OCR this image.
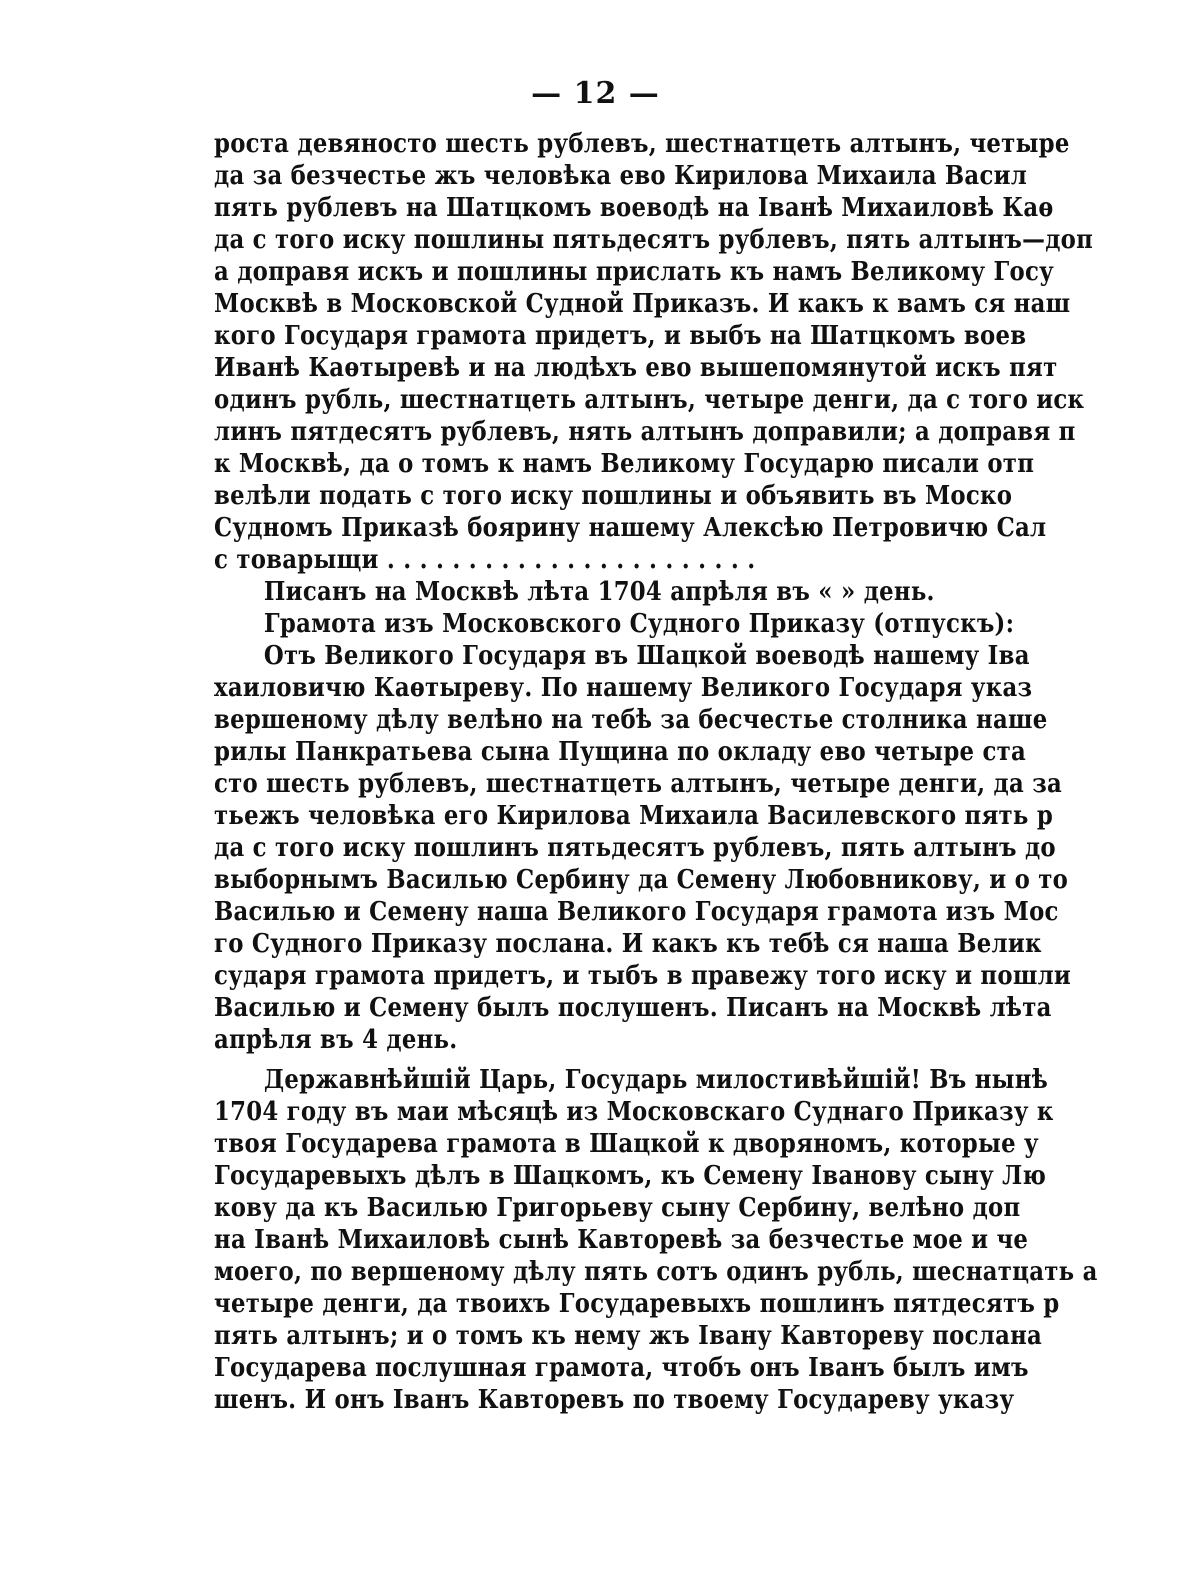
— 12 —
роста девяносто шесть рублевъ, шестнатцеть алтынъ, четыре
да за безчестье жъ человѣка ево Кирилова Михаила Васил
пять рублевъ на Шатцкомъ воеводѣ на Іванѣ Михаиловѣ Каѳ
да с того иску пошлины пятьдесятъ рублевъ, пять алтынъ—доп
а доправя искъ и пошлины прислать къ намъ Великому Госу
Москвѣ в Московской Судной Приказъ. И какъ к вамъ ся наш
кого Государя грамота придетъ, и выбъ на Шатцкомъ воев
Иванѣ Каѳтыревѣ и на людѣхъ ево вышепомянутой искъ пят
одинъ рубль, шестнатцеть алтынъ, четыре денги, да с того иск
линъ пятдесятъ рублевъ, нять алтынъ доправили; а доправя п
к Москвѣ, да о томъ к намъ Великому Государю писали отп
велѣли подать с того иску пошлины и объявить въ Моско
Судномъ Приказѣ боярину нашему Алексѣю Петровичю Сал
с товарыщи . . . . . . . . . . . . . . . . . . . . . . .
Писанъ на Москвѣ лѣта 1704 апрѣля въ « » день.
Грамота изъ Московского Судного Приказу (отпускъ):
Отъ Великого Государя въ Шацкой воеводѣ нашему Іва
хаиловичю Каѳтыреву. По нашему Великого Государя указ
вершеному дѣлу велѣно на тебѣ за бесчестье столника наше
рилы Панкратьева сына Пущина по окладу ево четыре ста
сто шесть рублевъ, шестнатцеть алтынъ, четыре денги, да за
тьежъ человѣка его Кирилова Михаила Василевского пять р
да с того иску пошлинъ пятьдесятъ рублевъ, пять алтынъ до
выборнымъ Василью Сербину да Семену Любовникову, и о то
Василью и Семену наша Великого Государя грамота изъ Мос
го Судного Приказу послана. И какъ къ тебѣ ся наша Велик
сударя грамота придетъ, и тыбъ в правежу того иску и пошли
Василью и Семену былъ послушенъ. Писанъ на Москвѣ лѣта
апрѣля въ 4 день.
Державнѣйшій Царь, Государь милостивѣйшій! Въ нынѣ
1704 году въ маи мѣсяцѣ из Московскаго Суднаго Приказу к
твоя Государева грамота в Шацкой к дворяномъ, которые у
Государевыхъ дѣлъ в Шацкомъ, къ Семену Іванову сыну Лю
кову да къ Василью Григорьеву сыну Сербину, велѣно доп
на Іванѣ Михаиловѣ сынѣ Кавторевѣ за безчестье мое и че
моего, по вершеному дѣлу пять сотъ одинъ рубль, шеснатцать а
четыре денги, да твоихъ Государевыхъ пошлинъ пятдесятъ р
пять алтынъ; и о томъ къ нему жъ Івану Кавтореву послана
Государева послушная грамота, чтобъ онъ Іванъ былъ имъ
шенъ. И онъ Іванъ Кавторевъ по твоему Государеву указу
